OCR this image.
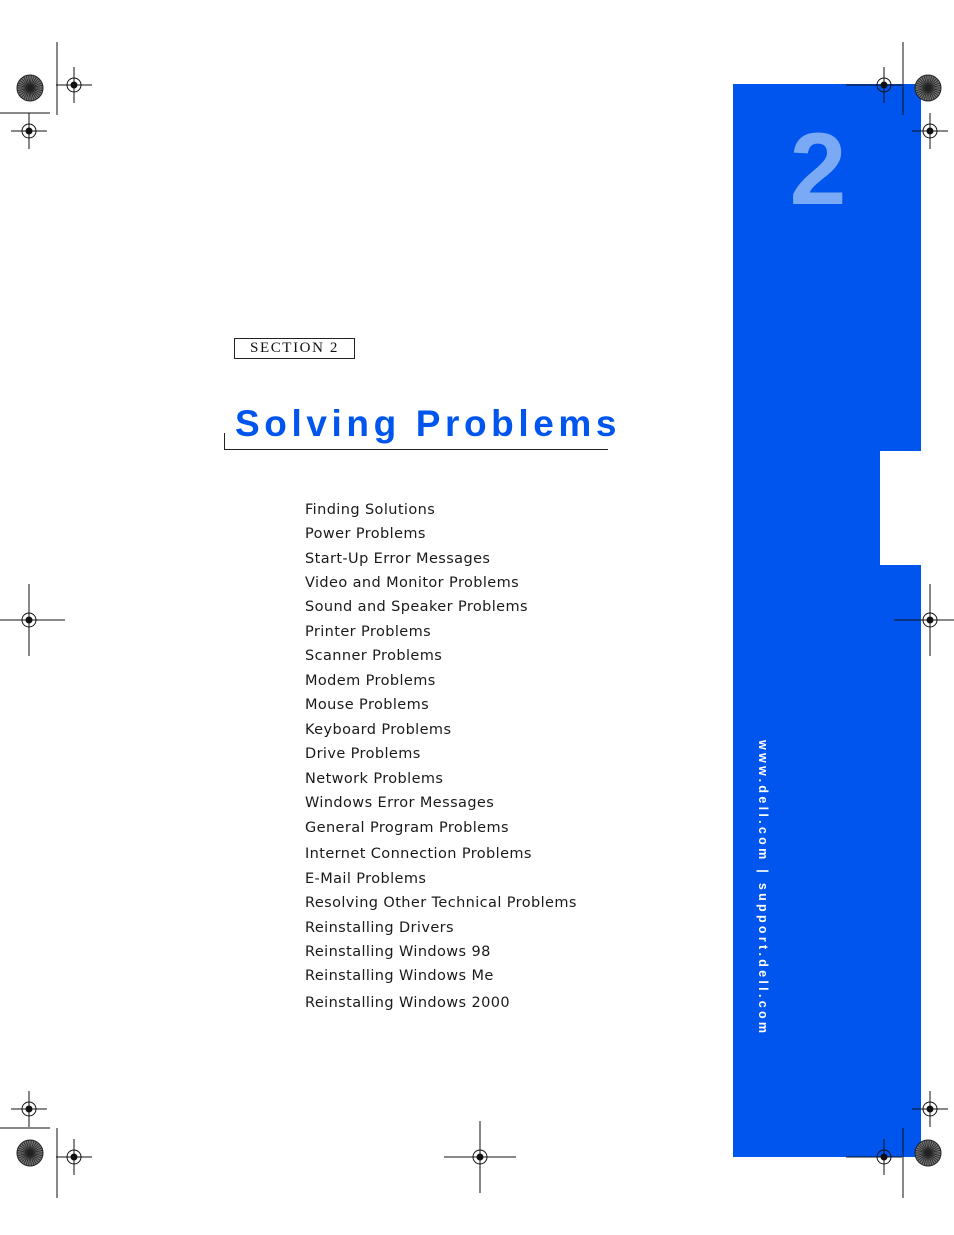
2
www.dell.com | support.dell.com
SECTION 2
Solving Problems
Finding Solutions
Power Problems
Start-Up Error Messages
Video and Monitor Problems
Sound and Speaker Problems
Printer Problems
Scanner Problems
Modem Problems
Mouse Problems
Keyboard Problems
Drive Problems
Network Problems
Windows Error Messages
General Program Problems
Internet Connection Problems
E-Mail Problems
Resolving Other Technical Problems
Reinstalling Drivers
Reinstalling Windows 98
Reinstalling Windows Me
Reinstalling Windows 2000
